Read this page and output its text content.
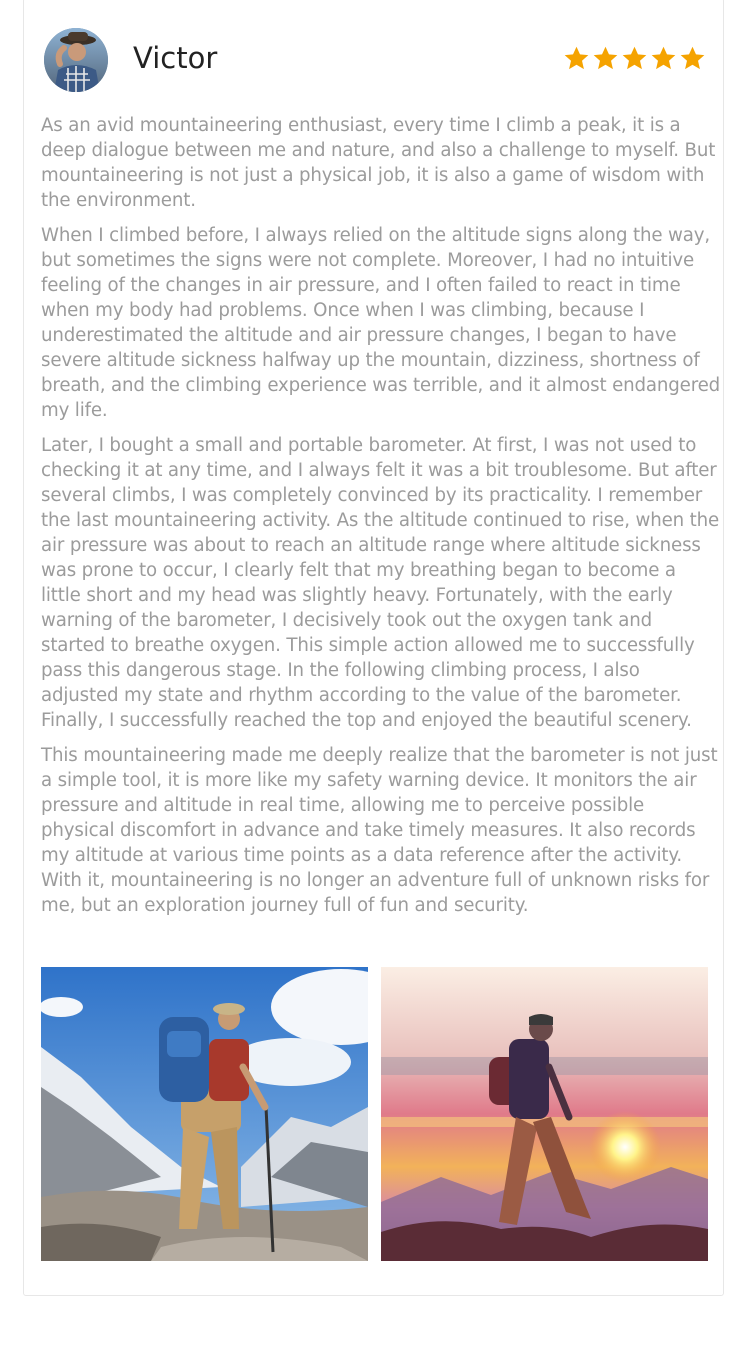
Victor

As an avid mountaineering enthusiast, every time I climb a peak, it is a deep dialogue between me and nature, and also a challenge to myself. But mountaineering is not just a physical job, it is also a game of wisdom with the environment.

When I climbed before, I always relied on the altitude signs along the way, but sometimes the signs were not complete. Moreover, I had no intuitive feeling of the changes in air pressure, and I often failed to react in time when my body had problems. Once when I was climbing, because I underestimated the altitude and air pressure changes, I began to have severe altitude sickness halfway up the mountain, dizziness, shortness of breath, and the climbing experience was terrible, and it almost endangered my life.

Later, I bought a small and portable barometer. At first, I was not used to checking it at any time, and I always felt it was a bit troublesome. But after several climbs, I was completely convinced by its practicality. I remember the last mountaineering activity. As the altitude continued to rise, when the air pressure was about to reach an altitude range where altitude sickness was prone to occur, I clearly felt that my breathing began to become a little short and my head was slightly heavy. Fortunately, with the early warning of the barometer, I decisively took out the oxygen tank and started to breathe oxygen. This simple action allowed me to successfully pass this dangerous stage. In the following climbing process, I also adjusted my state and rhythm according to the value of the barometer. Finally, I successfully reached the top and enjoyed the beautiful scenery.

This mountaineering made me deeply realize that the barometer is not just a simple tool, it is more like my safety warning device. It monitors the air pressure and altitude in real time, allowing me to perceive possible physical discomfort in advance and take timely measures. It also records my altitude at various time points as a data reference after the activity. With it, mountaineering is no longer an adventure full of unknown risks for me, but an exploration journey full of fun and security.
